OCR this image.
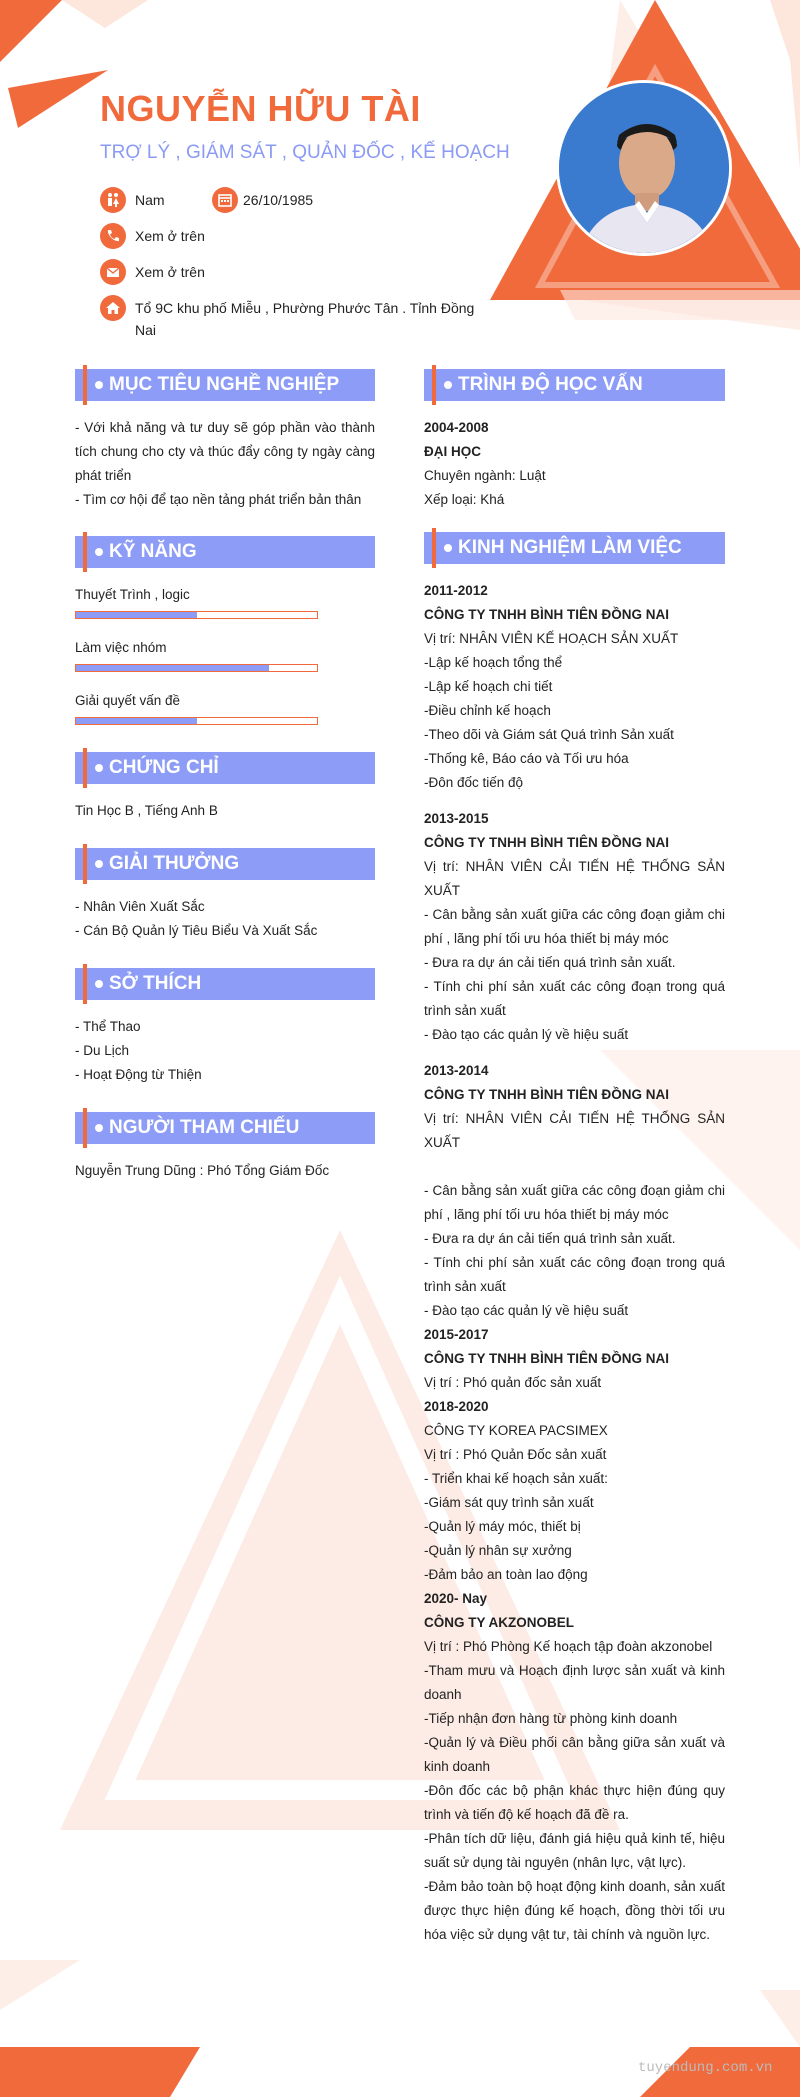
NGUYỄN HỮU TÀI
TRỢ LÝ , GIÁM SÁT , QUẢN ĐỐC , KẾ HOẠCH
Nam	26/10/1985
Xem ở trên
Xem ở trên
Tổ 9C khu phố Miễu , Phường Phước Tân . Tỉnh Đồng
Nai
MỤC TIÊU NGHỀ NGHIỆP
- Với khả năng và tư duy sẽ góp phần vào thành tích chung cho cty và thúc đẩy công ty ngày càng phát triển
- Tìm cơ hội để tạo nền tảng phát triển bản thân
KỸ NĂNG
Thuyết Trình , logic
Làm việc nhóm
Giải quyết vấn đề
CHỨNG CHỈ
Tin Học B , Tiếng Anh B
GIẢI THƯỞNG
- Nhân Viên Xuất Sắc
- Cán Bộ Quản lý Tiêu Biểu Và Xuất Sắc
SỞ THÍCH
- Thể Thao
- Du Lịch
- Hoạt Động từ Thiện
NGƯỜI THAM CHIẾU
Nguyễn Trung Dũng : Phó Tổng Giám Đốc
TRÌNH ĐỘ HỌC VẤN
2004-2008
ĐẠI HỌC
Chuyên ngành: Luật
Xếp loại: Khá
KINH NGHIỆM LÀM VIỆC
2011-2012
CÔNG TY TNHH BÌNH TIÊN ĐỒNG NAI
Vị trí: NHÂN VIÊN KẾ HOẠCH SẢN XUẤT
-Lập kế hoạch tổng thể
-Lập kế hoạch chi tiết
-Điều chỉnh kế hoạch
-Theo dõi và Giám sát Quá trình Sản xuất
-Thống kê, Báo cáo và Tối ưu hóa
-Đôn đốc tiến độ
2013-2015
CÔNG TY TNHH BÌNH TIÊN ĐỒNG NAI
Vị trí: NHÂN VIÊN CẢI TIẾN HỆ THỐNG SẢN XUẤT
- Cân bằng sản xuất giữa các công đoạn giảm chi phí , lãng phí tối ưu hóa thiết bị máy móc
- Đưa ra dự án cải tiến quá trình sản xuất.
- Tính chi phí sản xuất các công đoạn trong quá trình sản xuất
- Đào tạo các quản lý về hiệu suất
2013-2014
CÔNG TY TNHH BÌNH TIÊN ĐỒNG NAI
Vị trí: NHÂN VIÊN CẢI TIẾN HỆ THỐNG SẢN XUẤT
- Cân bằng sản xuất giữa các công đoạn giảm chi phí , lãng phí tối ưu hóa thiết bị máy móc
- Đưa ra dự án cải tiến quá trình sản xuất.
- Tính chi phí sản xuất các công đoạn trong quá trình sản xuất
- Đào tạo các quản lý về hiệu suất
2015-2017
CÔNG TY TNHH BÌNH TIÊN ĐỒNG NAI
Vị trí : Phó quản đốc sản xuất
2018-2020
CÔNG TY KOREA PACSIMEX
Vị trí : Phó Quản Đốc sản xuất
- Triển khai kế hoạch sản xuất:
-Giám sát quy trình sản xuất
-Quản lý máy móc, thiết bị
-Quản lý nhân sự xưởng
-Đảm bảo an toàn lao động
2020- Nay
CÔNG TY AKZONOBEL
Vị trí : Phó Phòng Kế hoạch tập đoàn akzonobel
-Tham mưu và Hoạch định lược sản xuất và kinh doanh
-Tiếp nhận đơn hàng từ phòng kinh doanh
-Quản lý và Điều phối cân bằng giữa sản xuất và kinh doanh
-Đôn đốc các bộ phận khác thực hiện đúng quy trình và tiến độ kế hoạch đã đề ra.
-Phân tích dữ liệu, đánh giá hiệu quả kinh tế, hiệu suất sử dụng tài nguyên (nhân lực, vật lực).
-Đảm bảo toàn bộ hoạt động kinh doanh, sản xuất được thực hiện đúng kế hoạch, đồng thời tối ưu hóa việc sử dụng vật tư, tài chính và nguồn lực.
tuyendung.com.vn
